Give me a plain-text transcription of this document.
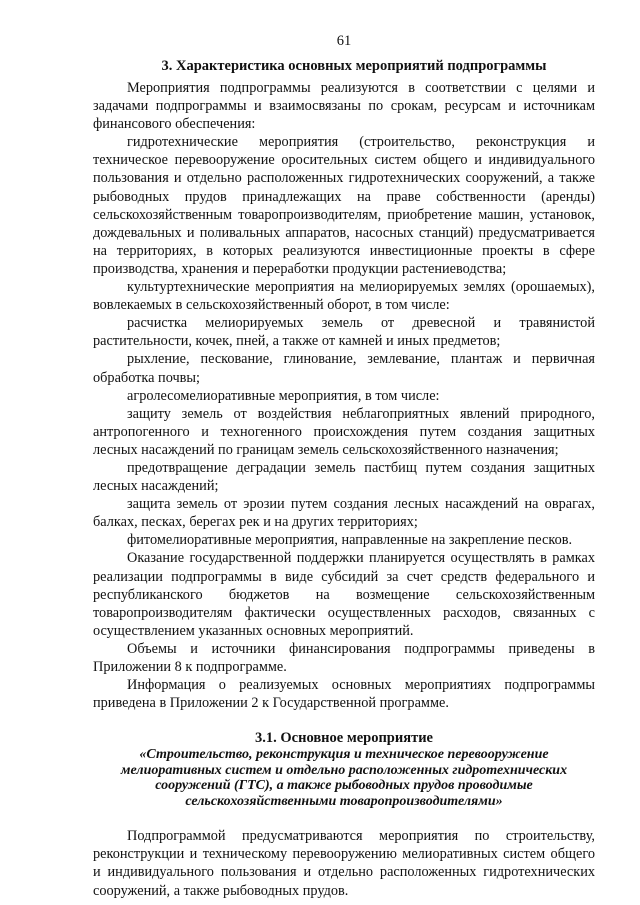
61
3. Характеристика основных мероприятий подпрограммы

Мероприятия подпрограммы реализуются в соответствии с целями и задачами подпрограммы и взаимосвязаны по срокам, ресурсам и источникам финансового обеспечения:

гидротехнические мероприятия (строительство, реконструкция и техническое перевооружение оросительных систем общего и индивидуального пользования и отдельно расположенных гидротехнических сооружений, а также рыбоводных прудов принадлежащих на праве собственности (аренды) сельскохозяйственным товаропроизводителям, приобретение машин, установок, дождевальных и поливальных аппаратов, насосных станций) предусматривается на территориях, в которых реализуются инвестиционные проекты в сфере производства, хранения и переработки продукции растениеводства;

культуртехнические мероприятия на мелиорируемых землях (орошаемых), вовлекаемых в сельскохозяйственный оборот, в том числе:

расчистка мелиорируемых земель от древесной и травянистой растительности, кочек, пней, а также от камней и иных предметов;

рыхление, пескование, глинование, землевание, плантаж и первичная обработка почвы;

агролесомелиоративные мероприятия, в том числе:

защиту земель от воздействия неблагоприятных явлений природного, антропогенного и техногенного происхождения путем создания защитных лесных насаждений по границам земель сельскохозяйственного назначения;

предотвращение деградации земель пастбищ путем создания защитных лесных насаждений;

защита земель от эрозии путем создания лесных насаждений на оврагах, балках, песках, берегах рек и на других территориях;

фитомелиоративные мероприятия, направленные на закрепление песков.

Оказание государственной поддержки планируется осуществлять в рамках реализации подпрограммы в виде субсидий за счет средств федерального и республиканского бюджетов на возмещение сельскохозяйственным товаропроизводителям фактически осуществленных расходов, связанных с осуществлением указанных основных мероприятий.

Объемы и источники финансирования подпрограммы приведены в Приложении 8 к подпрограмме.

Информация о реализуемых основных мероприятиях подпрограммы приведена в Приложении 2 к Государственной программе.

3.1. Основное мероприятие
«Строительство, реконструкция и техническое перевооружение мелиоративных систем и отдельно расположенных гидротехнических сооружений (ГТС), а также рыбоводных прудов проводимые сельскохозяйственными товаропроизводителями»

Подпрограммой предусматриваются мероприятия по строительству, реконструкции и техническому перевооружению мелиоративных систем общего и индивидуального пользования и отдельно расположенных гидротехнических сооружений, а также рыбоводных прудов.
